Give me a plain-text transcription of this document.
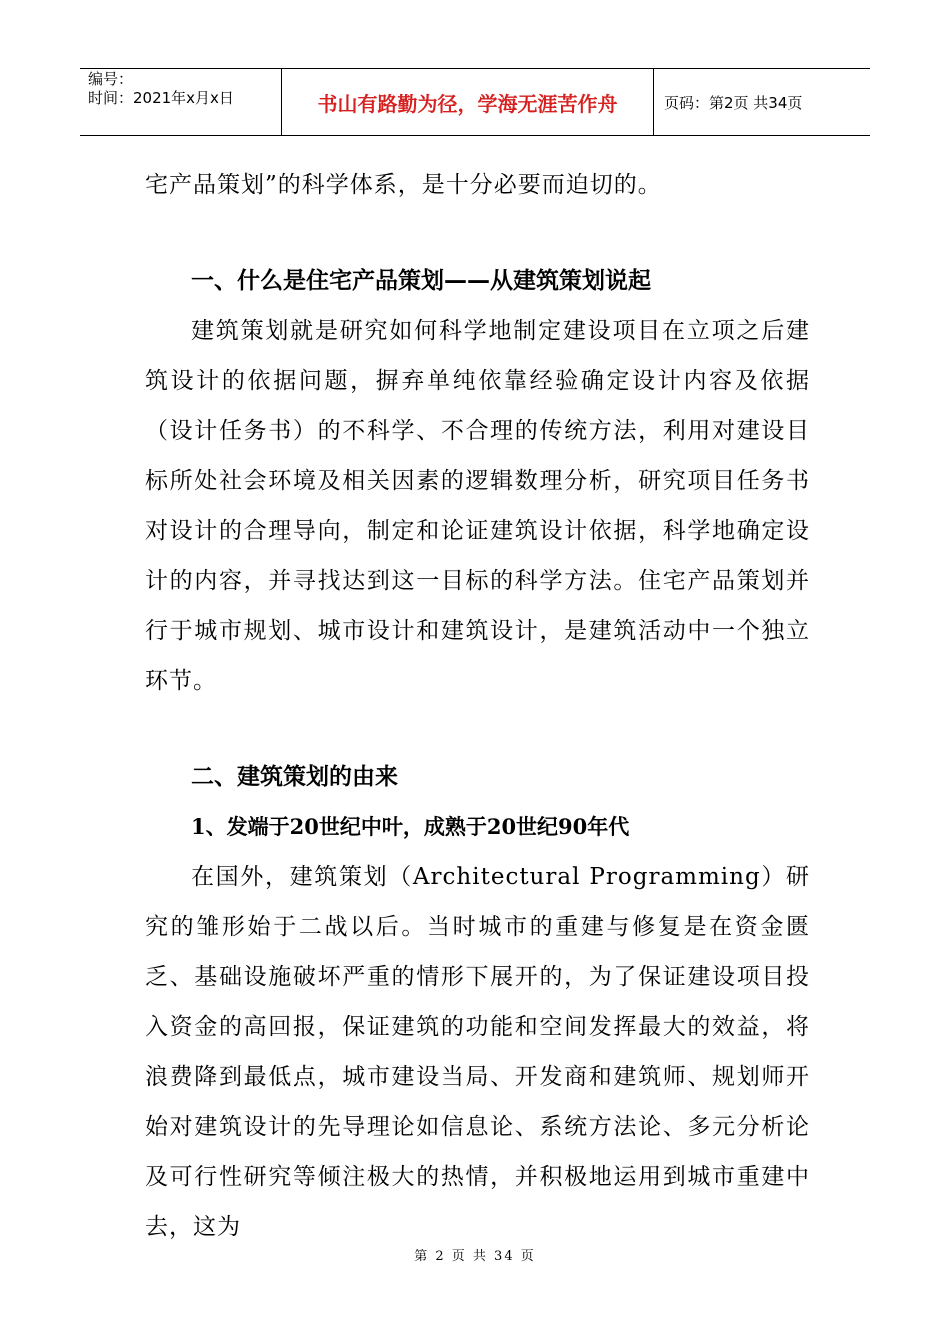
编号：
时间：2021年x月x日	书山有路勤为径，学海无涯苦作舟	页码：第2页 共34页

宅产品策划”的科学体系，是十分必要而迫切的。

一、什么是住宅产品策划——从建筑策划说起

建筑策划就是研究如何科学地制定建设项目在立项之后建筑设计的依据问题，摒弃单纯依靠经验确定设计内容及依据（设计任务书）的不科学、不合理的传统方法，利用对建设目标所处社会环境及相关因素的逻辑数理分析，研究项目任务书对设计的合理导向，制定和论证建筑设计依据，科学地确定设计的内容，并寻找达到这一目标的科学方法。住宅产品策划并行于城市规划、城市设计和建筑设计，是建筑活动中一个独立环节。

二、建筑策划的由来
1、发端于20世纪中叶，成熟于20世纪90年代

在国外，建筑策划（Architectural Programming）研究的雏形始于二战以后。当时城市的重建与修复是在资金匮乏、基础设施破坏严重的情形下展开的，为了保证建设项目投入资金的高回报，保证建筑的功能和空间发挥最大的效益，将浪费降到最低点，城市建设当局、开发商和建筑师、规划师开始对建筑设计的先导理论如信息论、系统方法论、多元分析论及可行性研究等倾注极大的热情，并积极地运用到城市重建中去，这为

第 2 页 共 34 页
